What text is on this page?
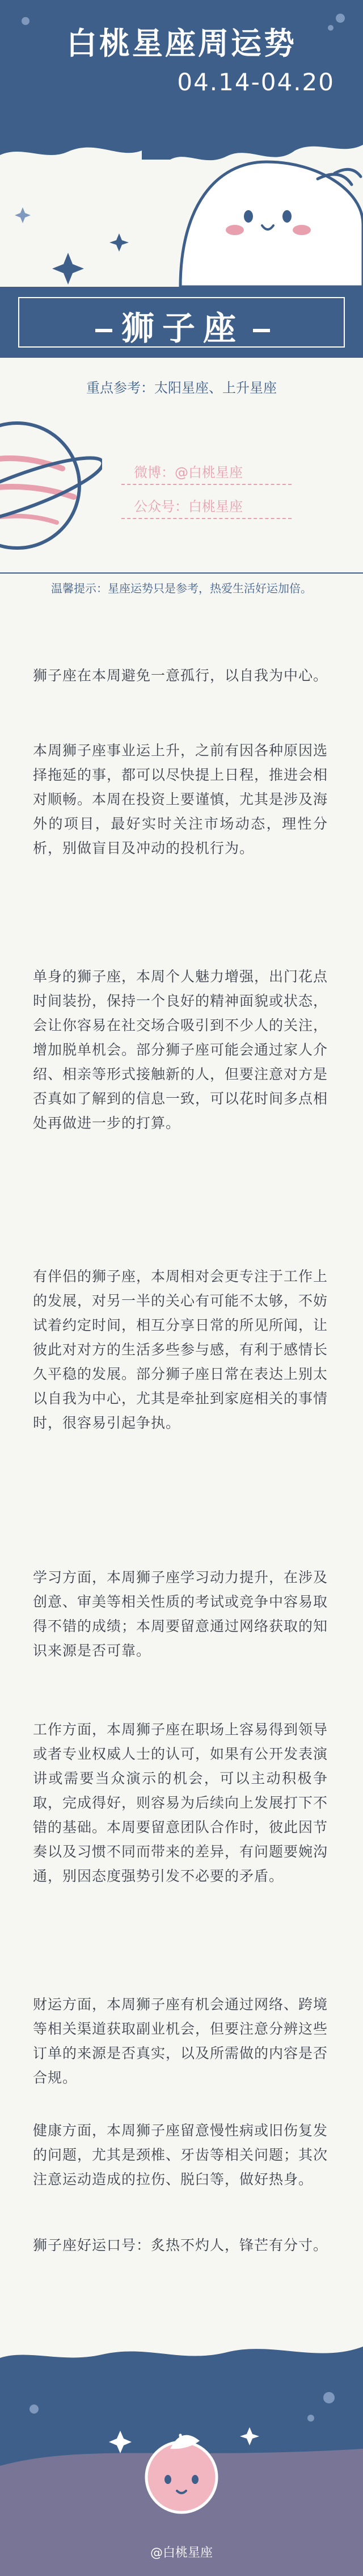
白桃星座周运势
04.14-04.20
狮子座
重点参考：太阳星座、上升星座
微博：@白桃星座
公众号：白桃星座
温馨提示：星座运势只是参考，热爱生活好运加倍。
狮子座在本周避免一意孤行，以自我为中心。
本周狮子座事业运上升，之前有因各种原因选择拖延的事，都可以尽快提上日程，推进会相对顺畅。本周在投资上要谨慎，尤其是涉及海外的项目，最好实时关注市场动态，理性分析，别做盲目及冲动的投机行为。
单身的狮子座，本周个人魅力增强，出门花点时间装扮，保持一个良好的精神面貌或状态，会让你容易在社交场合吸引到不少人的关注，增加脱单机会。部分狮子座可能会通过家人介绍、相亲等形式接触新的人，但要注意对方是否真如了解到的信息一致，可以花时间多点相处再做进一步的打算。
有伴侣的狮子座，本周相对会更专注于工作上的发展，对另一半的关心有可能不太够，不妨试着约定时间，相互分享日常的所见所闻，让彼此对对方的生活多些参与感，有利于感情长久平稳的发展。部分狮子座日常在表达上别太以自我为中心，尤其是牵扯到家庭相关的事情时，很容易引起争执。
学习方面，本周狮子座学习动力提升，在涉及创意、审美等相关性质的考试或竞争中容易取得不错的成绩；本周要留意通过网络获取的知识来源是否可靠。
工作方面，本周狮子座在职场上容易得到领导或者专业权威人士的认可，如果有公开发表演讲或需要当众演示的机会，可以主动积极争取，完成得好，则容易为后续向上发展打下不错的基础。本周要留意团队合作时，彼此因节奏以及习惯不同而带来的差异，有问题要婉沟通，别因态度强势引发不必要的矛盾。
财运方面，本周狮子座有机会通过网络、跨境等相关渠道获取副业机会，但要注意分辨这些订单的来源是否真实，以及所需做的内容是否合规。
健康方面，本周狮子座留意慢性病或旧伤复发的问题，尤其是颈椎、牙齿等相关问题；其次注意运动造成的拉伤、脱臼等，做好热身。
狮子座好运口号：炙热不灼人，锋芒有分寸。
@白桃星座
